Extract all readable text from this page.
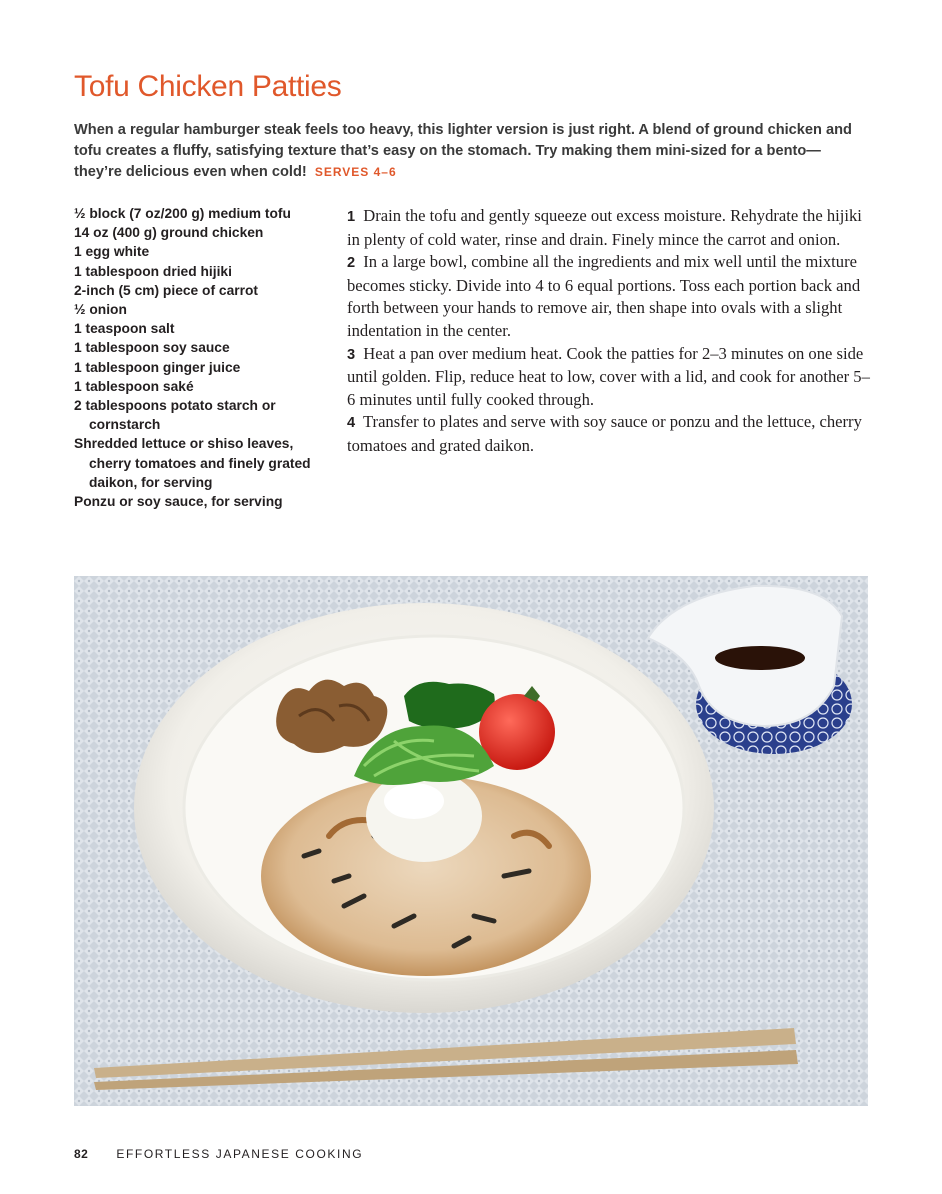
Tofu Chicken Patties

When a regular hamburger steak feels too heavy, this lighter version is just right. A blend of ground chicken and tofu creates a fluffy, satisfying texture that’s easy on the stomach. Try making them mini-sized for a bento—they’re delicious even when cold! SERVES 4–6

½ block (7 oz/200 g) medium tofu
14 oz (400 g) ground chicken
1 egg white
1 tablespoon dried hijiki
2-inch (5 cm) piece of carrot
½ onion
1 teaspoon salt
1 tablespoon soy sauce
1 tablespoon ginger juice
1 tablespoon saké
2 tablespoons potato starch or cornstarch
Shredded lettuce or shiso leaves, cherry tomatoes and finely grated daikon, for serving
Ponzu or soy sauce, for serving

1 Drain the tofu and gently squeeze out excess moisture. Rehydrate the hijiki in plenty of cold water, rinse and drain. Finely mince the carrot and onion.

2 In a large bowl, combine all the ingredients and mix well until the mixture becomes sticky. Divide into 4 to 6 equal portions. Toss each portion back and forth between your hands to remove air, then shape into ovals with a slight indentation in the center.

3 Heat a pan over medium heat. Cook the patties for 2–3 minutes on one side until golden. Flip, reduce heat to low, cover with a lid, and cook for another 5–6 minutes until fully cooked through.

4 Transfer to plates and serve with soy sauce or ponzu and the lettuce, cherry tomatoes and grated daikon.

82 EFFORTLESS JAPANESE COOKING
